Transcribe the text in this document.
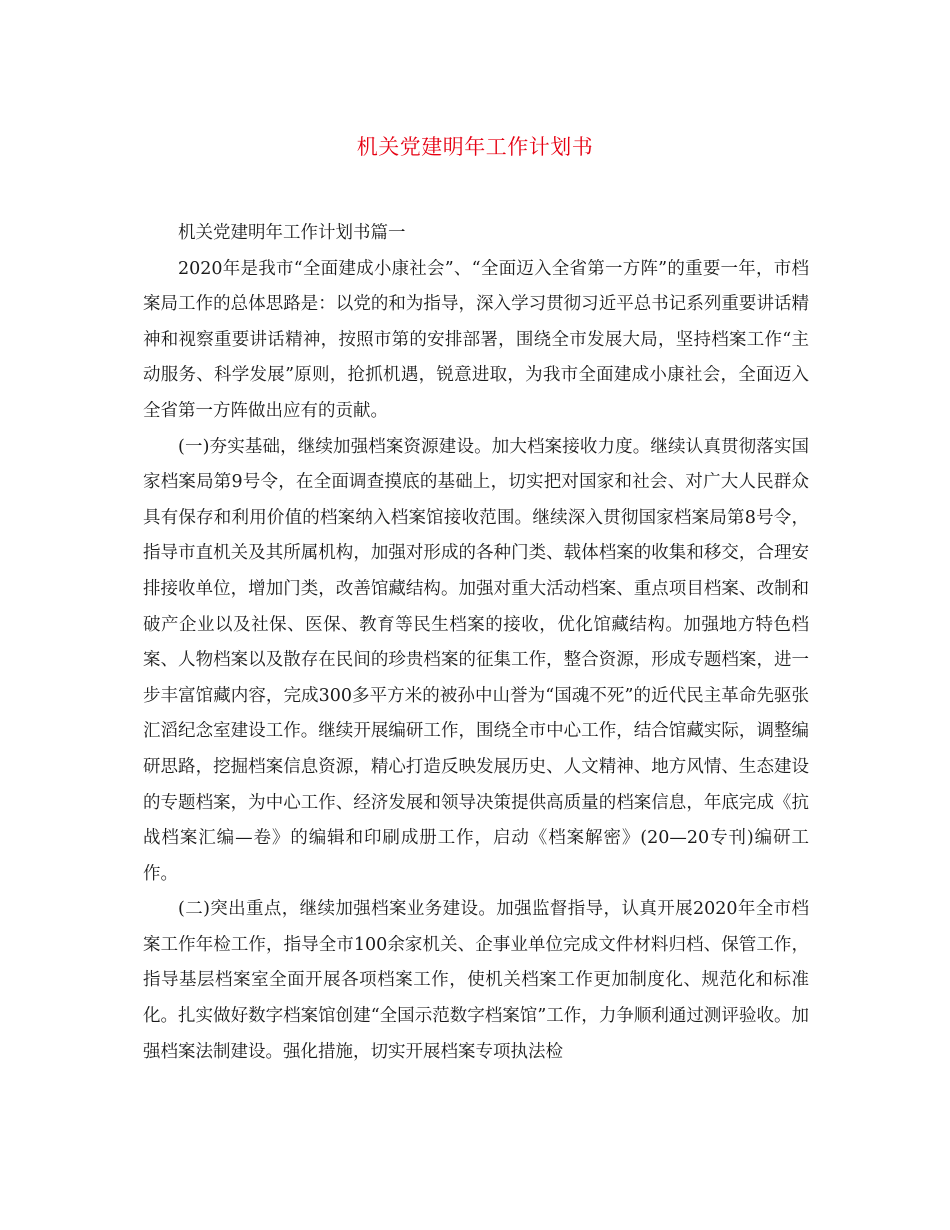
机关党建明年工作计划书

机关党建明年工作计划书篇一

2020年是我市“全面建成小康社会”、“全面迈入全省第一方阵”的重要一年，市档案局工作的总体思路是：以党的和为指导，深入学习贯彻习近平总书记系列重要讲话精神和视察重要讲话精神，按照市第的安排部署，围绕全市发展大局，坚持档案工作“主动服务、科学发展”原则，抢抓机遇，锐意进取，为我市全面建成小康社会，全面迈入全省第一方阵做出应有的贡献。

(一)夯实基础，继续加强档案资源建设。加大档案接收力度。继续认真贯彻落实国家档案局第9号令，在全面调查摸底的基础上，切实把对国家和社会、对广大人民群众具有保存和利用价值的档案纳入档案馆接收范围。继续深入贯彻国家档案局第8号令，指导市直机关及其所属机构，加强对形成的各种门类、载体档案的收集和移交，合理安排接收单位，增加门类，改善馆藏结构。加强对重大活动档案、重点项目档案、改制和破产企业以及社保、医保、教育等民生档案的接收，优化馆藏结构。加强地方特色档案、人物档案以及散存在民间的珍贵档案的征集工作，整合资源，形成专题档案，进一步丰富馆藏内容，完成300多平方米的被孙中山誉为“国魂不死”的近代民主革命先驱张汇滔纪念室建设工作。继续开展编研工作，围绕全市中心工作，结合馆藏实际，调整编研思路，挖掘档案信息资源，精心打造反映发展历史、人文精神、地方风情、生态建设的专题档案，为中心工作、经济发展和领导决策提供高质量的档案信息，年底完成《抗战档案汇编—卷》的编辑和印刷成册工作，启动《档案解密》(20—20专刊)编研工作。

(二)突出重点，继续加强档案业务建设。加强监督指导，认真开展2020年全市档案工作年检工作，指导全市100余家机关、企事业单位完成文件材料归档、保管工作，指导基层档案室全面开展各项档案工作，使机关档案工作更加制度化、规范化和标准化。扎实做好数字档案馆创建“全国示范数字档案馆”工作，力争顺利通过测评验收。加强档案法制建设。强化措施，切实开展档案专项执法检
